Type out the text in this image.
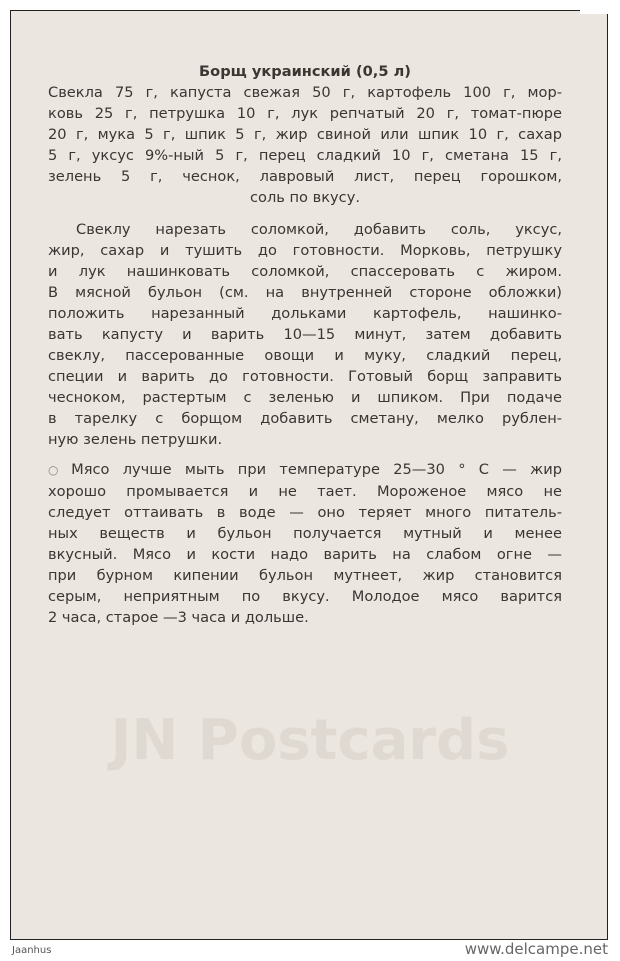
JN Postcards
Борщ украинский (0,5 л)
Свекла 75 г, капуста свежая 50 г, картофель 100 г, мор-
ковь 25 г, петрушка 10 г, лук репчатый 20 г, томат-пюре
20 г, мука 5 г, шпик 5 г, жир свиной или шпик 10 г, сахар
5 г, уксус 9%-ный 5 г, перец сладкий 10 г, сметана 15 г,
зелень 5 г, чеснок, лавровый лист, перец горошком,
соль по вкусу.
Свеклу нарезать соломкой, добавить соль, уксус,
жир, сахар и тушить до готовности. Морковь, петрушку
и лук нашинковать соломкой, спассеровать с жиром.
В мясной бульон (см. на внутренней стороне обложки)
положить нарезанный дольками картофель, нашинко-
вать капусту и варить 10—15 минут, затем добавить
свеклу, пассерованные овощи и муку, сладкий перец,
специи и варить до готовности. Готовый борщ заправить
чесноком, растертым с зеленью и шпиком. При подаче
в тарелку с борщом добавить сметану, мелко рублен-
ную зелень петрушки.
○ Мясо лучше мыть при температуре 25—30 ° С — жир
хорошо промывается и не тает. Мороженое мясо не
следует оттаивать в воде — оно теряет много питатель-
ных веществ и бульон получается мутный и менее
вкусный. Мясо и кости надо варить на слабом огне —
при бурном кипении бульон мутнеет, жир становится
серым, неприятным по вкусу. Молодое мясо варится
2 часа, старое —3 часа и дольше.
Jaanhus	www.delcampe.net
